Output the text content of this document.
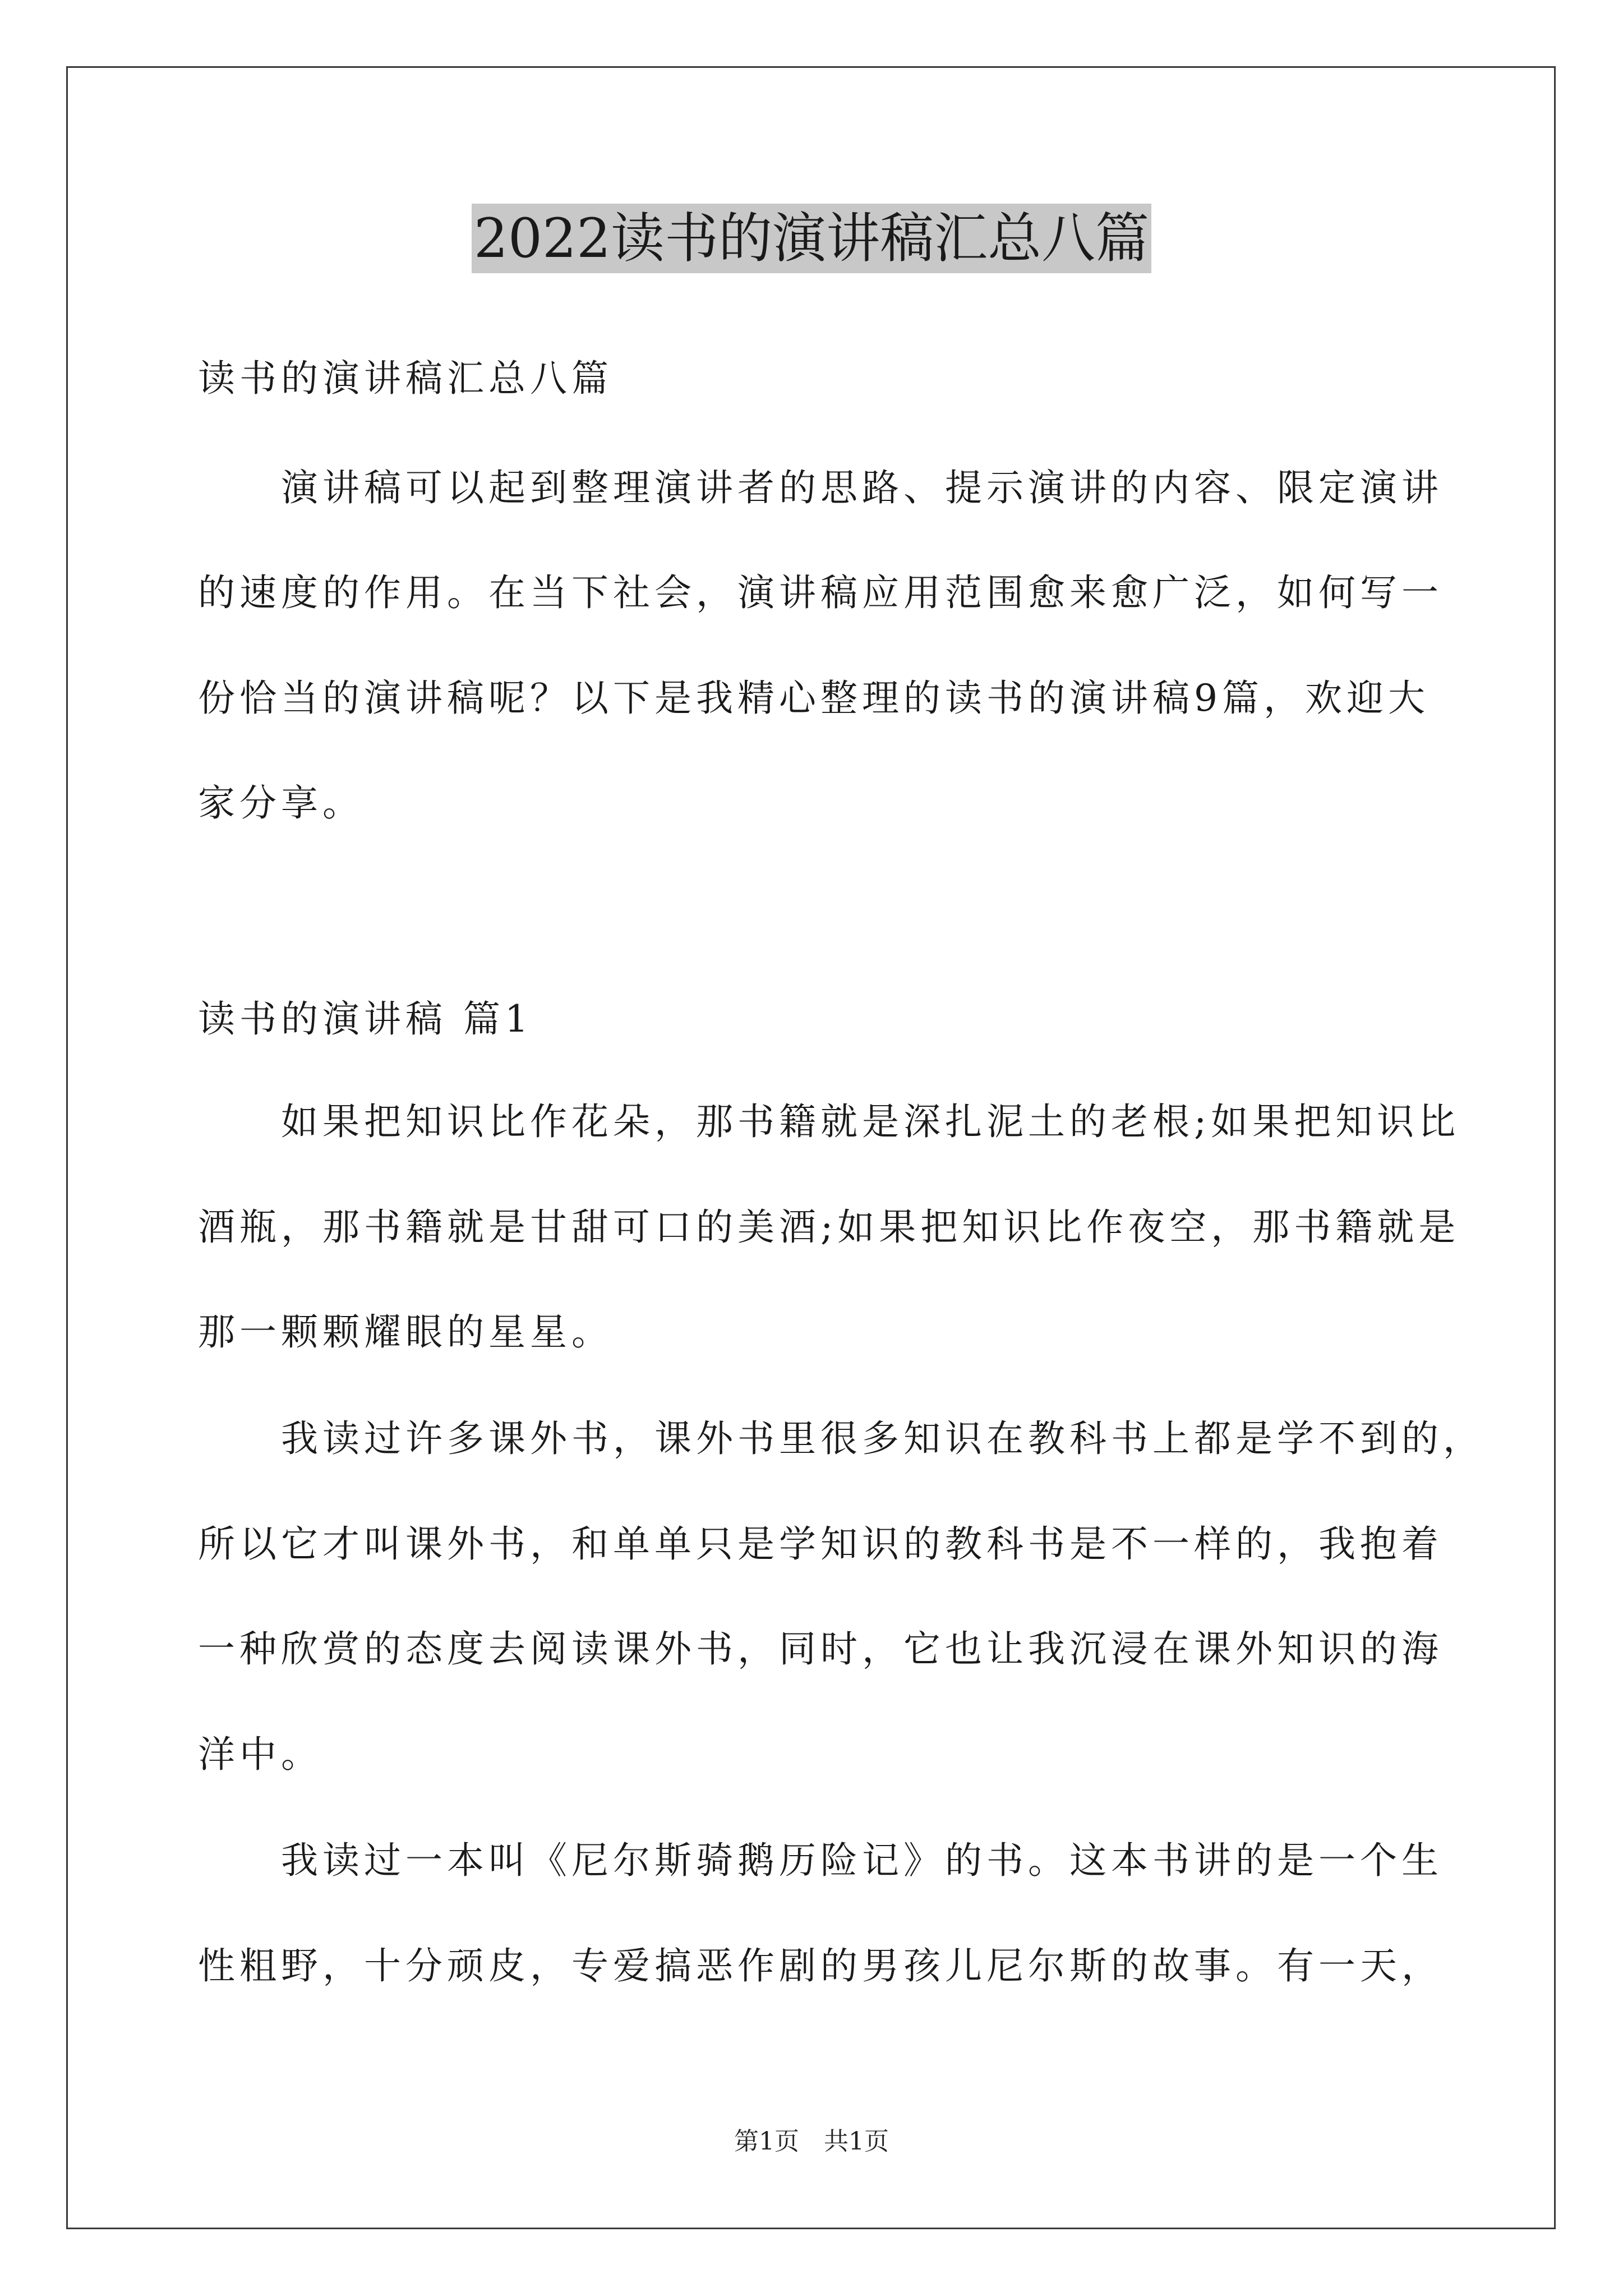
2022读书的演讲稿汇总八篇
读书的演讲稿汇总八篇
演讲稿可以起到整理演讲者的思路、提示演讲的内容、限定演讲
的速度的作用。在当下社会，演讲稿应用范围愈来愈广泛，如何写一
份恰当的演讲稿呢？以下是我精心整理的读书的演讲稿9篇，欢迎大
家分享。
读书的演讲稿 篇1
如果把知识比作花朵，那书籍就是深扎泥土的老根;如果把知识比
酒瓶，那书籍就是甘甜可口的美酒;如果把知识比作夜空，那书籍就是
那一颗颗耀眼的星星。
我读过许多课外书，课外书里很多知识在教科书上都是学不到的，
所以它才叫课外书，和单单只是学知识的教科书是不一样的，我抱着
一种欣赏的态度去阅读课外书，同时，它也让我沉浸在课外知识的海
洋中。
我读过一本叫《尼尔斯骑鹅历险记》的书。这本书讲的是一个生
性粗野，十分顽皮，专爱搞恶作剧的男孩儿尼尔斯的故事。有一天，
第1页　共1页
